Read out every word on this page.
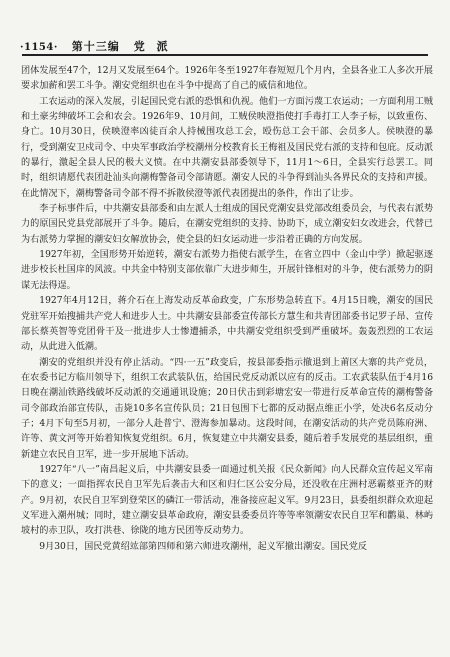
·1154· 第十三编 党 派

团体发展至47个，12月又发展至64个。1926年冬至1927年春短短几个月内，全县各业工人多次开展要求加薪和罢工斗争。潮安党组织也在斗争中提高了自己的威信和地位。

工农运动的深入发展，引起国民党右派的恐惧和仇视。他们一方面污蔑工农运动；一方面利用工贼和土豪劣绅破坏工会和农会。1926年9、10月间，工贼侯映澄指使打手毒打工人李子标，以致重伤、身亡。10月30日，侯映澄率凶徒百余人持械围攻总工会，殴伤总工会干部、会员多人。侯映澄的暴行，受到潮安卫戍司令、中央军事政治学校潮州分校教育长王梅祖及国民党右派的支持和包庇。反动派的暴行，激起全县人民的极大义愤。在中共潮安县部委领导下，11月1～6日，全县实行总罢工。同时，组织请愿代表团赴汕头向潮梅警备司令部请愿。潮安人民的斗争得到汕头各界民众的支持和声援。在此情况下，潮梅警备司令部不得不拆散侯澄等派代表团提出的条件，作出了让步。

李子标事件后，中共潮安县部委和由左派人士组成的国民党潮安县党部改组委员会，与代表右派势力的原国民党县党部展开了斗争。随后，在潮安党组织的支持、协助下，成立潮安妇女改进会，代替已为右派势力掌握的潮安妇女解放协会，使全县的妇女运动进一步沿着正确的方向发展。

1927年初，全国形势开始逆转，潮安右派势力指使右派学生，在省立四中（金山中学）掀起驱逐进步校长杜国庠的风波。中共金中特别支部依靠广大进步师生，开展针锋相对的斗争，使右派势力的阴谋无法得逞。

1927年4月12日，蒋介石在上海发动反革命政变，广东形势急转直下。4月15日晚，潮安的国民党驻军开始搜捕共产党人和进步人士。中共潮安县部委宣传部长方慧生和共青团部委书记罗子昂、宣传部长蔡英智等党团骨干及一批进步人士惨遭捕杀，中共潮安党组织受到严重破坏。轰轰烈烈的工农运动，从此进入低潮。

潮安的党组织并没有停止活动。“四·一五”政变后，按县部委指示撤退到上莆区大寨的共产党员，在农委书记方临川领导下，组织工农武装队伍，给国民党反动派以应有的反击。工农武装队伍于4月16日晚在潮汕铁路线破坏反动派的交通通讯设施；20日伏击到彩塘宏安一带进行反革命宣传的潮梅警备司令部政治部宣传队，击毙10多名宣传队员；21日包围下七都的反动据点维正小学，处决6名反动分子；4月下旬至5月初，一部分人赴普宁、澄海参加暴动。这段时间，在潮安活动的共产党员陈府洲、许等、黄文河等开始着知恢复党组织。6月，恢复建立中共潮安县委，随后着手发展党的基层组织，重新建立农民自卫军，进一步开展地下活动。

1927年“八一”南昌起义后，中共潮安县委一面通过机关报《民众新闻》向人民群众宣传起义军南下的意义；一面指挥农民自卫军先后袭击大和区和归仁区公安分局，还没收在庄洲村恶霸蔡亚齐的财产。9月初，农民自卫军到登荣区的磷江一带活动，准备接应起义军。9月23日，县委组织群众欢迎起义军进入潮州城；同时，建立潮安县革命政府，潮安县委委员许等等率领潮安农民自卫军和鹳巢、林屿坡村的赤卫队，攻打洪巷、徐陇的地方民团等反动势力。

9月30日，国民党黄绍竑部第四师和第六师进攻潮州，起义军撤出潮安。国民党反
